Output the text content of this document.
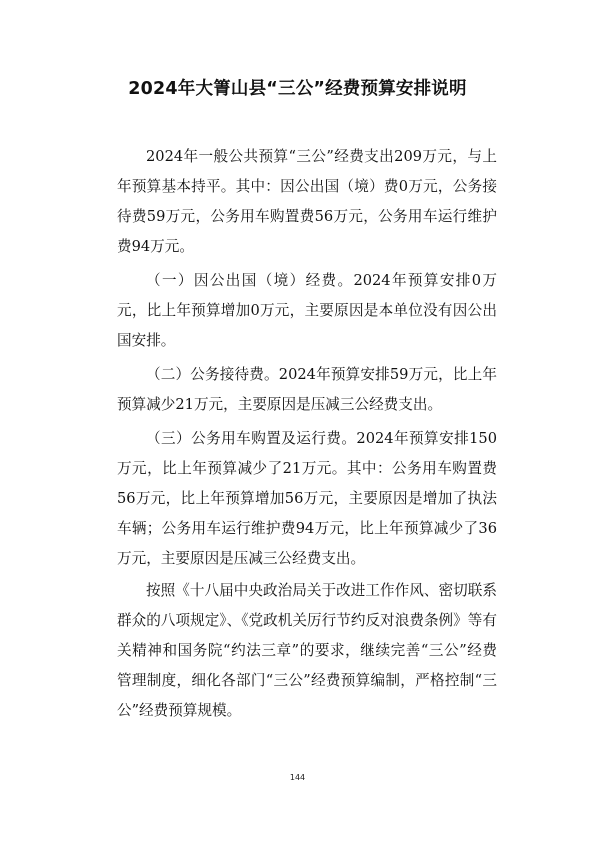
2024年大箐山县“三公”经费预算安排说明

2024年一般公共预算“三公”经费支出209万元，与上年预算基本持平。其中：因公出国（境）费0万元，公务接待费59万元，公务用车购置费56万元，公务用车运行维护费94万元。

（一）因公出国（境）经费。2024年预算安排0万元，比上年预算增加0万元，主要原因是本单位没有因公出国安排。

（二）公务接待费。2024年预算安排59万元，比上年预算减少21万元，主要原因是压减三公经费支出。

（三）公务用车购置及运行费。2024年预算安排150万元，比上年预算减少了21万元。其中：公务用车购置费56万元，比上年预算增加56万元，主要原因是增加了执法车辆；公务用车运行维护费94万元，比上年预算减少了36万元，主要原因是压减三公经费支出。

按照《十八届中央政治局关于改进工作作风、密切联系群众的八项规定》、《党政机关厉行节约反对浪费条例》等有关精神和国务院“约法三章”的要求，继续完善“三公”经费管理制度，细化各部门“三公”经费预算编制，严格控制“三公”经费预算规模。

144
